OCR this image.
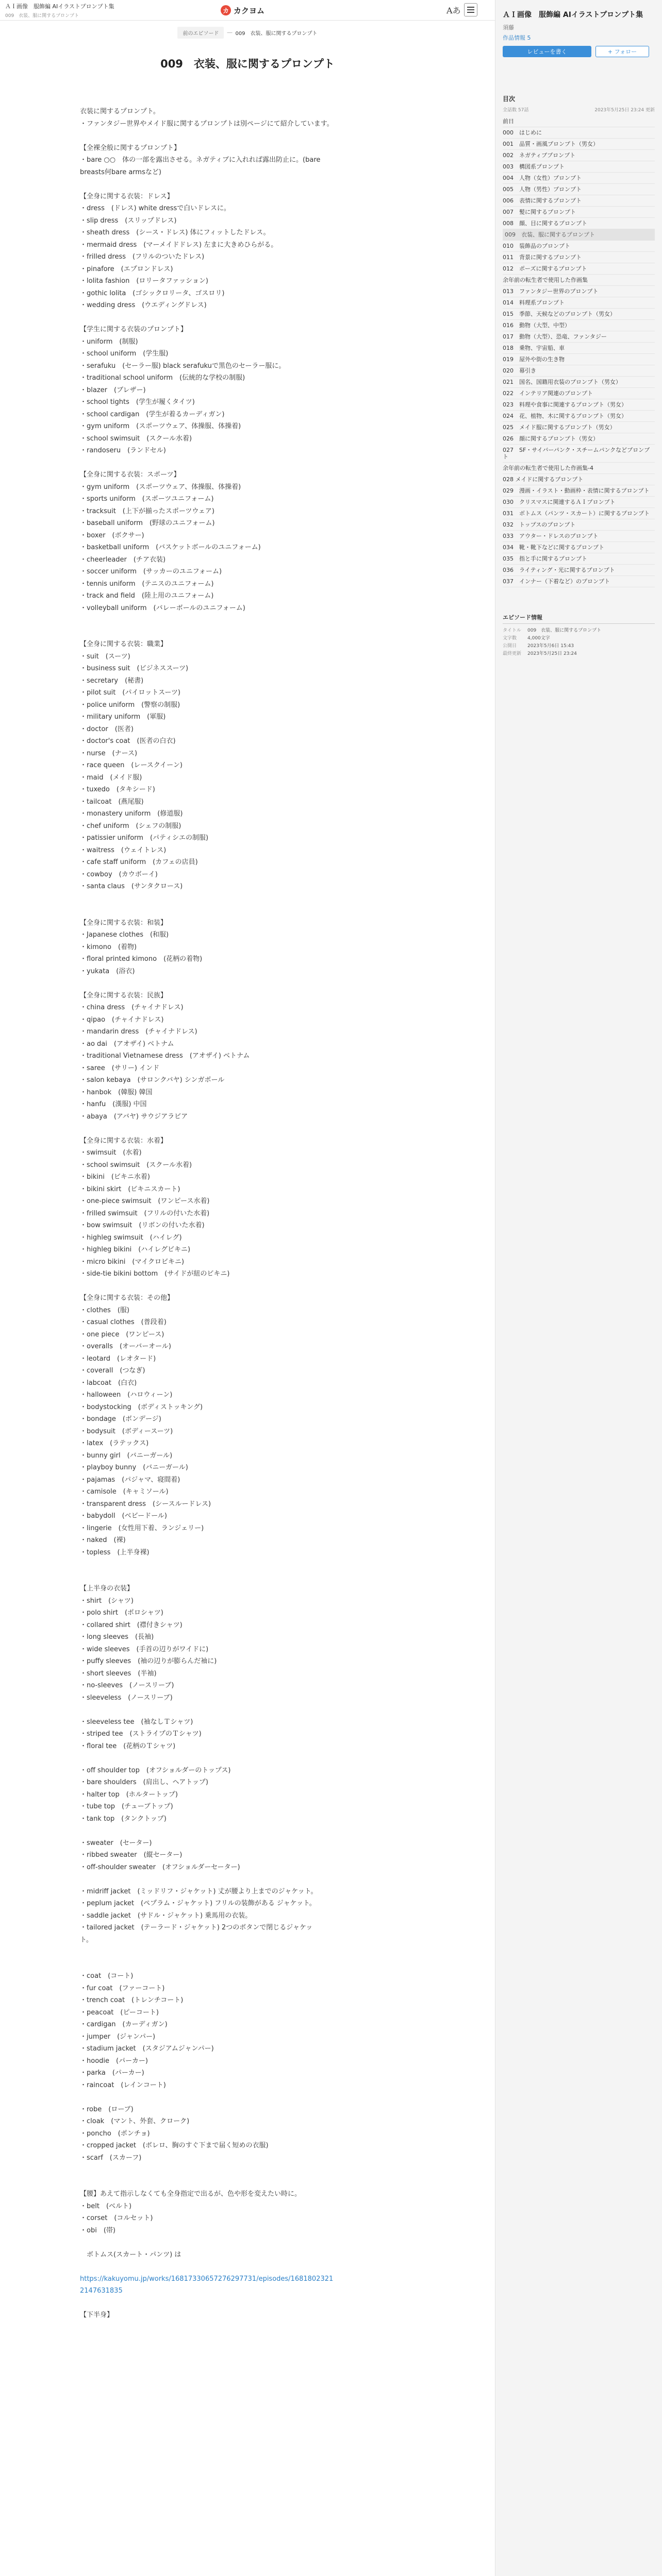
ＡＩ画像　服飾編 AIイラストプロンプト集
009　衣装、服に関するプロンプト
カ カクヨム	Aあ
前のエピソード	― 009　衣装、服に関するプロンプト
009　衣装、服に関するプロンプト
衣装に関するプロンプト。
・ファンタジー世界やメイド服に関するプロンプトは別ページにて紹介しています。
【全裸全般に関するプロンプト】
・bare ○○　体の一部を露出させる。ネガティブに入れれば露出防止に。(bare
breasts何bare armsなど)
【全身に関する衣装：ドレス】
・dress　(ドレス) white dressで白いドレスに。
・slip dress　(スリップドレス)
・sheath dress　(シース・ドレス) 体にフィットしたドレス。
・mermaid dress　(マーメイドドレス) 左まに大きめひらがる。
・frilled dress　(フリルのついたドレス)
・pinafore　(エプロンドレス)
・lolita fashion　(ロリータファッション)
・gothic lolita　(ゴシックロリータ、ゴスロリ)
・wedding dress　(ウエディングドレス)
【学生に関する衣装のプロンプト】
・uniform　(制服)
・school uniform　(学生服)
・serafuku　(セーラー服) black serafukuで黒色のセーラー服に。
・traditional school uniform　(伝統的な学校の制服)
・blazer　(ブレザー)
・school tights　(学生が履くタイツ)
・school cardigan　(学生が着るカーディガン)
・gym uniform　(スポーツウェア、体操服、体操着)
・school swimsuit　(スクール水着)
・randoseru　(ランドセル)
【全身に関する衣装：スポーツ】
・gym uniform　(スポーツウェア、体操服、体操着)
・sports uniform　(スポーツユニフォーム)
・tracksuit　(上下が揃ったスポーツウェア)
・baseball uniform　(野球のユニフォーム)
・boxer　(ボクサー)
・basketball uniform　(バスケットボールのユニフォーム)
・cheerleader　(チア衣装)
・soccer uniform　(サッカーのユニフォーム)
・tennis uniform　(テニスのユニフォーム)
・track and field　(陸上用のユニフォーム)
・volleyball uniform　(バレーボールのユニフォーム)
【全身に関する衣装：職業】
・suit　(スーツ)
・business suit　(ビジネススーツ)
・secretary　(秘書)
・pilot suit　(パイロットスーツ)
・police uniform　(警察の制服)
・military uniform　(軍服)
・doctor　(医者)
・doctor's coat　(医者の白衣)
・nurse　(ナース)
・race queen　(レースクイーン)
・maid　(メイド服)
・tuxedo　(タキシード)
・tailcoat　(燕尾服)
・monastery uniform　(修道服)
・chef uniform　(シェフの制服)
・patissier uniform　(パティシエの制服)
・waitress　(ウェイトレス)
・cafe staff uniform　(カフェの店員)
・cowboy　(カウボーイ)
・santa claus　(サンタクロース)
【全身に関する衣装：和装】
・Japanese clothes　(和服)
・kimono　(着物)
・floral printed kimono　(花柄の着物)
・yukata　(浴衣)
【全身に関する衣装：民族】
・china dress　(チャイナドレス)
・qipao　(チャイナドレス)
・mandarin dress　(チャイナドレス)
・ao dai　(アオザイ) ベトナム
・traditional Vietnamese dress　(アオザイ) ベトナム
・saree　(サリー) インド
・salon kebaya　(サロンクバヤ) シンガポール
・hanbok　(韓服) 韓国
・hanfu　(漢服) 中国
・abaya　(アバヤ) サウジアラビア
【全身に関する衣装：水着】
・swimsuit　(水着)
・school swimsuit　(スクール水着)
・bikini　(ビキニ水着)
・bikini skirt　(ビキニスカート)
・one-piece swimsuit　(ワンピース水着)
・frilled swimsuit　(フリルの付いた水着)
・bow swimsuit　(リボンの付いた水着)
・highleg swimsuit　(ハイレグ)
・highleg bikini　(ハイレグビキニ)
・micro bikini　(マイクロビキニ)
・side-tie bikini bottom　(サイドが紐のビキニ)
【全身に関する衣装：その他】
・clothes　(服)
・casual clothes　(普段着)
・one piece　(ワンピース)
・overalls　(オーバーオール)
・leotard　(レオタード)
・coverall　(つなぎ)
・labcoat　(白衣)
・halloween　(ハロウィーン)
・bodystocking　(ボディストッキング)
・bondage　(ボンデージ)
・bodysuit　(ボディースーツ)
・latex　(ラテックス)
・bunny girl　(バニーガール)
・playboy bunny　(バニーガール)
・pajamas　(パジャマ、寝間着)
・camisole　(キャミソール)
・transparent dress　(シースルードレス)
・babydoll　(ベビードール)
・lingerie　(女性用下着、ランジェリー)
・naked　(裸)
・topless　(上半身裸)
【上半身の衣装】
・shirt　(シャツ)
・polo shirt　(ポロシャツ)
・collared shirt　(襟付きシャツ)
・long sleeves　(長袖)
・wide sleeves　(手首の辺りがワイドに)
・puffy sleeves　(袖の辺りが膨らんだ袖に)
・short sleeves　(半袖)
・no-sleeves　(ノースリーブ)
・sleeveless　(ノースリーブ)
・sleeveless tee　(袖なしＴシャツ)
・striped tee　(ストライプのＴシャツ)
・floral tee　(花柄のＴシャツ)
・off shoulder top　(オフショルダーのトップス)
・bare shoulders　(肩出し、ヘアトップ)
・halter top　(ホルタートップ)
・tube top　(チューブトップ)
・tank top　(タンクトップ)
・sweater　(セーター)
・ribbed sweater　(縦セーター)
・off-shoulder sweater　(オフショルダーセーター)
・midriff jacket　(ミッドリフ・ジャケット) 丈が腰より上までのジャケット。
・peplum jacket　(ペプラム・ジャケット) フリルの装飾がある ジャケット。
・saddle jacket　(サドル・ジャケット) 乗馬用の衣装。
・tailored jacket　(テーラード・ジャケット) 2つのボタンで閉じるジャケッ
ト。
・coat　(コート)
・fur coat　(ファーコート)
・trench coat　(トレンチコート)
・peacoat　(ピーコート)
・cardigan　(カーディガン)
・jumper　(ジャンパー)
・stadium jacket　(スタジアムジャンパー)
・hoodie　(パーカー)
・parka　(パーカー)
・raincoat　(レインコート)
・robe　(ローブ)
・cloak　(マント、外套、クローク)
・poncho　(ポンチョ)
・cropped jacket　(ボレロ、胸のすぐ下まで届く短めの衣服)
・scarf　(スカーフ)
【腰】あえて指示しなくても全身指定で出るが、色や形を変えたい時に。
・belt　(ベルト)
・corset　(コルセット)
・obi　(帯)
　ボトムス(スカート・パンツ) は
https://kakuyomu.jp/works/16817330657276297731/episodes/1681802321
2147631835
【下半身】
ＡＩ画像　服飾編 AIイラストプロンプト集
須藤
作品情報 5
レビューを書く	+ フォロー
目次
全話数 57話	2023年5月25日 23:24 更新
前日
000　はじめに
001　品質・画風プロンプト（男女）
002　ネガティブプロンプト
003　構図系プロンプト
004　人物（女性）プロンプト
005　人物（男性）プロンプト
006　表情に関するプロンプト
007　髪に関するプロンプト
008　顔、目に関するプロンプト
009　衣装、服に関するプロンプト
010　装飾品のプロンプト
011　背景に関するプロンプト
012　ポーズに関するプロンプト
余年前の転生者で使用した作画集
013　ファンタジー世界のプロンプト
014　料理系プロンプト
015　季節、天候などのプロンプト（男女）
016　動物（大型、中型）
017　動物（大型）、恐竜、ファンタジー
018　乗物、宇宙船、車
019　屋外や街の生き物
020　幕引き
021　国名、国籍用衣装のプロンプト（男女）
022　インテリア関連のプロンプト
023　料理や食事に関連するプロンプト（男女）
024　花、植物、木に関するプロンプト（男女）
025　メイド服に関するプロンプト（男女）
026　顔に関するプロンプト（男女）
027　SF・サイバーパンク・スチームパンクなどプロンプト
余年前の転生者で使用した作画集-4
028 メイドに関するプロンプト
029　漫画・イラスト・動画枠・表情に関するプロンプト
030　クリスマスに関連するＡＩプロンプト
031　ボトムス（パンツ・スカート）に関するプロンプト
032　トップスのプロンプト
033　アウター・ドレスのプロンプト
034　靴・靴下などに関するプロンプト
035　指と手に関するプロンプト
036　ライティング・光に関するプロンプト
037　インナー（下着など）のプロンプト
エピソード情報
タイトル	009　衣装、服に関するプロンプト
文字数	4,000文字
公開日	2023年5月6日 15:43
最終更新	2023年5月25日 23:24
